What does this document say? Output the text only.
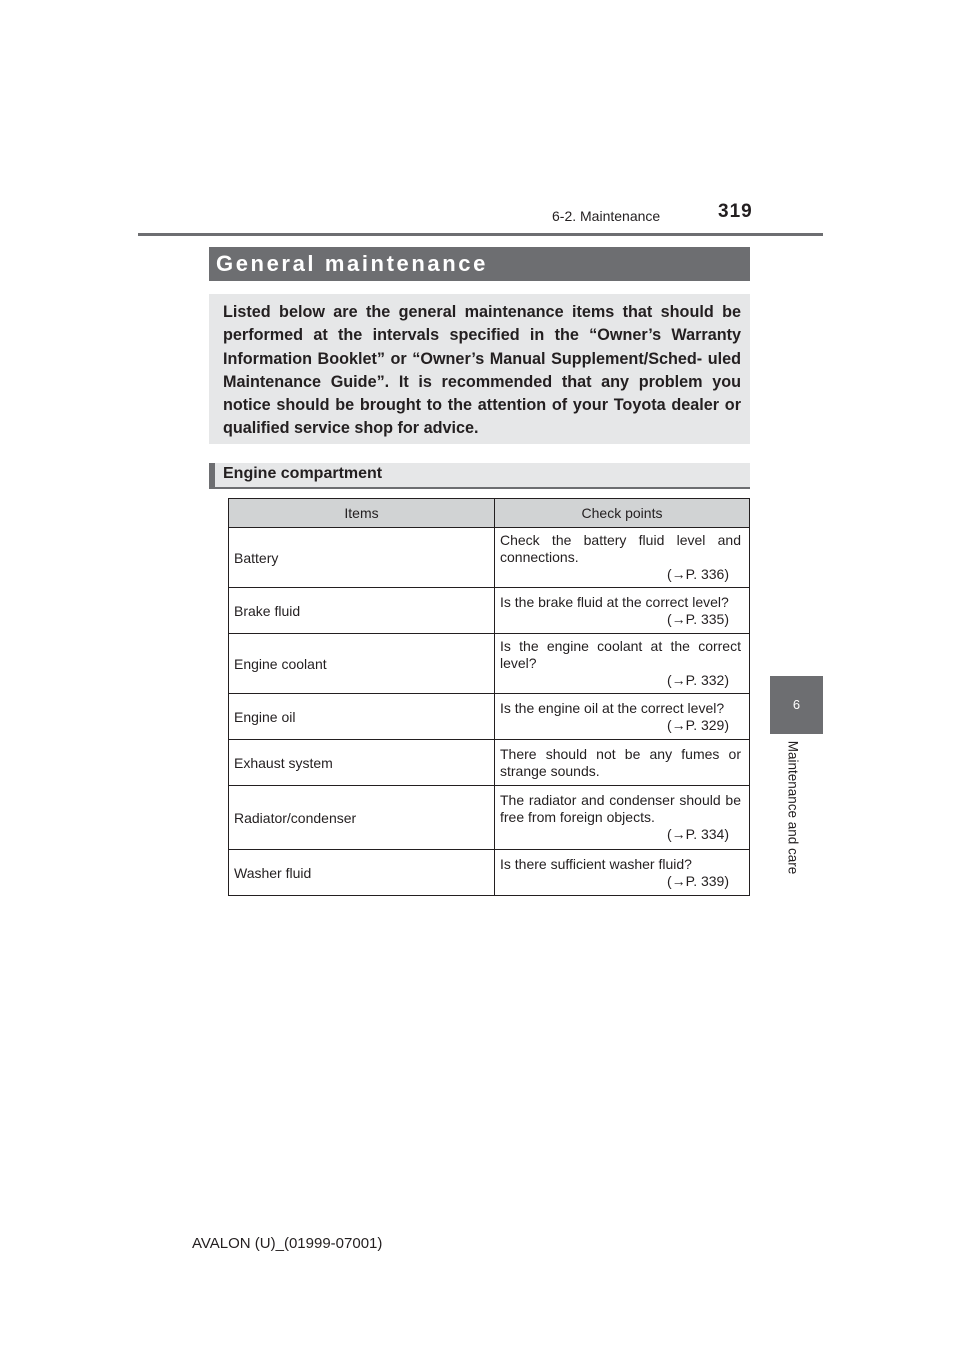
6-2. Maintenance	319
General maintenance
Listed below are the general maintenance items that should be performed at the intervals specified in the “Owner’s Warranty Information Booklet” or “Owner’s Manual Supplement/Sched- uled Maintenance Guide”. It is recommended that any problem you notice should be brought to the attention of your Toyota dealer or qualified service shop for advice.
Engine compartment
Items	Check points
Battery	Check the battery fluid level and connections.
(→P. 336)

Brake fluid	Is the brake fluid at the correct level?
(→P. 335)

Engine coolant	Is the engine coolant at the correct level?
(→P. 332)

Engine oil	Is the engine oil at the correct level?
(→P. 329)

Exhaust system	There should not be any fumes or strange sounds.
Radiator/condenser	The radiator and condenser should be free from foreign objects.
(→P. 334)

Washer fluid	Is there sufficient washer fluid?
(→P. 339)
6
Maintenance and care
AVALON (U)_(01999-07001)
